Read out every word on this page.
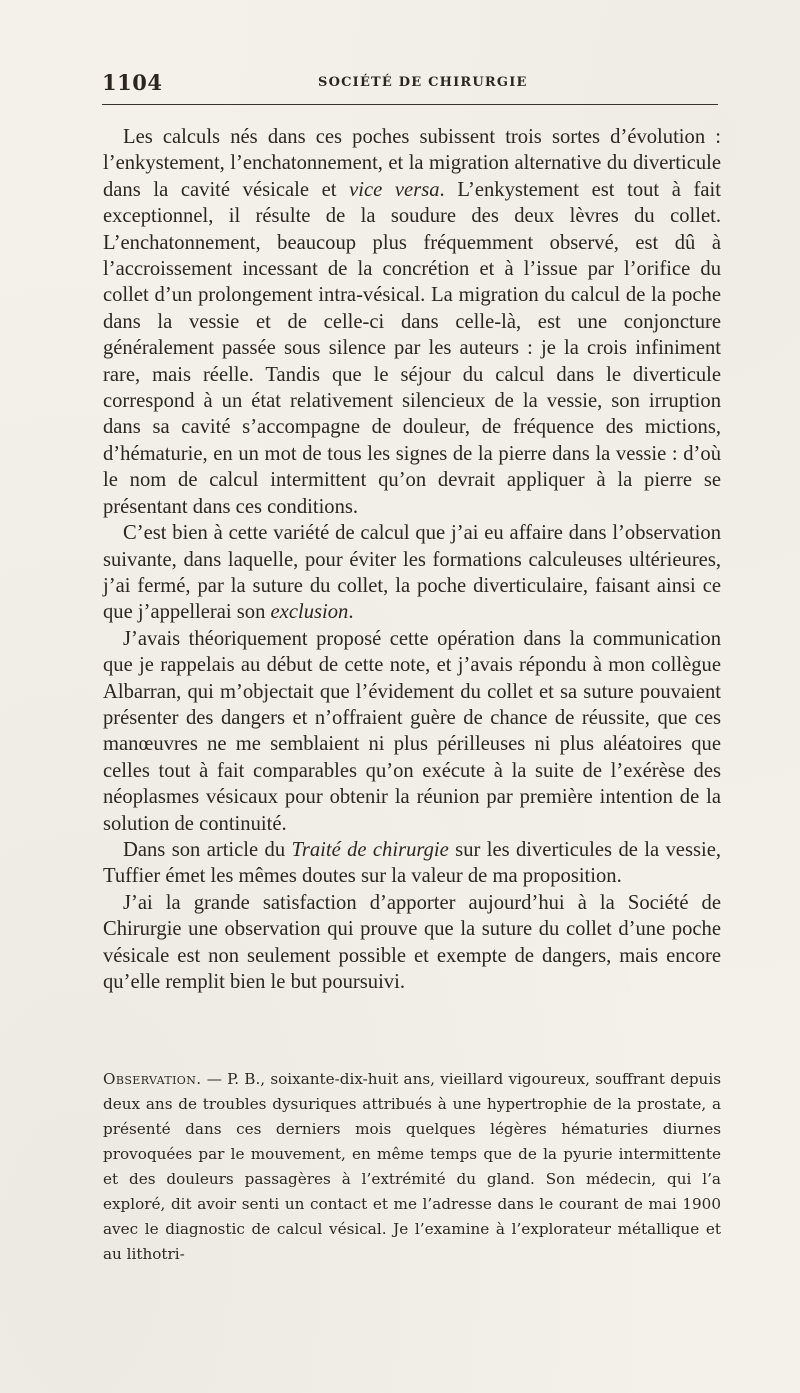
1104	SOCIÉTÉ DE CHIRURGIE

Les calculs nés dans ces poches subissent trois sortes d’évolution : l’enkystement, l’enchatonnement, et la migration alternative du diverticule dans la cavité vésicale et vice versa. L’enkystement est tout à fait exceptionnel, il résulte de la soudure des deux lèvres du collet. L’enchatonnement, beaucoup plus fréquemment observé, est dû à l’accroissement incessant de la concrétion et à l’issue par l’orifice du collet d’un prolongement intra-vésical. La migration du calcul de la poche dans la vessie et de celle-ci dans celle-là, est une conjoncture généralement passée sous silence par les auteurs : je la crois infiniment rare, mais réelle. Tandis que le séjour du calcul dans le diverticule correspond à un état relativement silencieux de la vessie, son irruption dans sa cavité s’accompagne de douleur, de fréquence des mictions, d’hématurie, en un mot de tous les signes de la pierre dans la vessie : d’où le nom de calcul intermittent qu’on devrait appliquer à la pierre se présentant dans ces conditions.

C’est bien à cette variété de calcul que j’ai eu affaire dans l’observation suivante, dans laquelle, pour éviter les formations calculeuses ultérieures, j’ai fermé, par la suture du collet, la poche diverticulaire, faisant ainsi ce que j’appellerai son exclusion.

J’avais théoriquement proposé cette opération dans la communication que je rappelais au début de cette note, et j’avais répondu à mon collègue Albarran, qui m’objectait que l’évidement du collet et sa suture pouvaient présenter des dangers et n’offraient guère de chance de réussite, que ces manœuvres ne me semblaient ni plus périlleuses ni plus aléatoires que celles tout à fait comparables qu’on exécute à la suite de l’exérèse des néoplasmes vésicaux pour obtenir la réunion par première intention de la solution de continuité.

Dans son article du Traité de chirurgie sur les diverticules de la vessie, Tuffier émet les mêmes doutes sur la valeur de ma proposition.

J’ai la grande satisfaction d’apporter aujourd’hui à la Société de Chirurgie une observation qui prouve que la suture du collet d’une poche vésicale est non seulement possible et exempte de dangers, mais encore qu’elle remplit bien le but poursuivi.

Observation. — P. B., soixante-dix-huit ans, vieillard vigoureux, souffrant depuis deux ans de troubles dysuriques attribués à une hypertrophie de la prostate, a présenté dans ces derniers mois quelques légères hématuries diurnes provoquées par le mouvement, en même temps que de la pyurie intermittente et des douleurs passagères à l’extrémité du gland. Son médecin, qui l’a exploré, dit avoir senti un contact et me l’adresse dans le courant de mai 1900 avec le diagnostic de calcul vésical. Je l’examine à l’explorateur métallique et au lithotri-
